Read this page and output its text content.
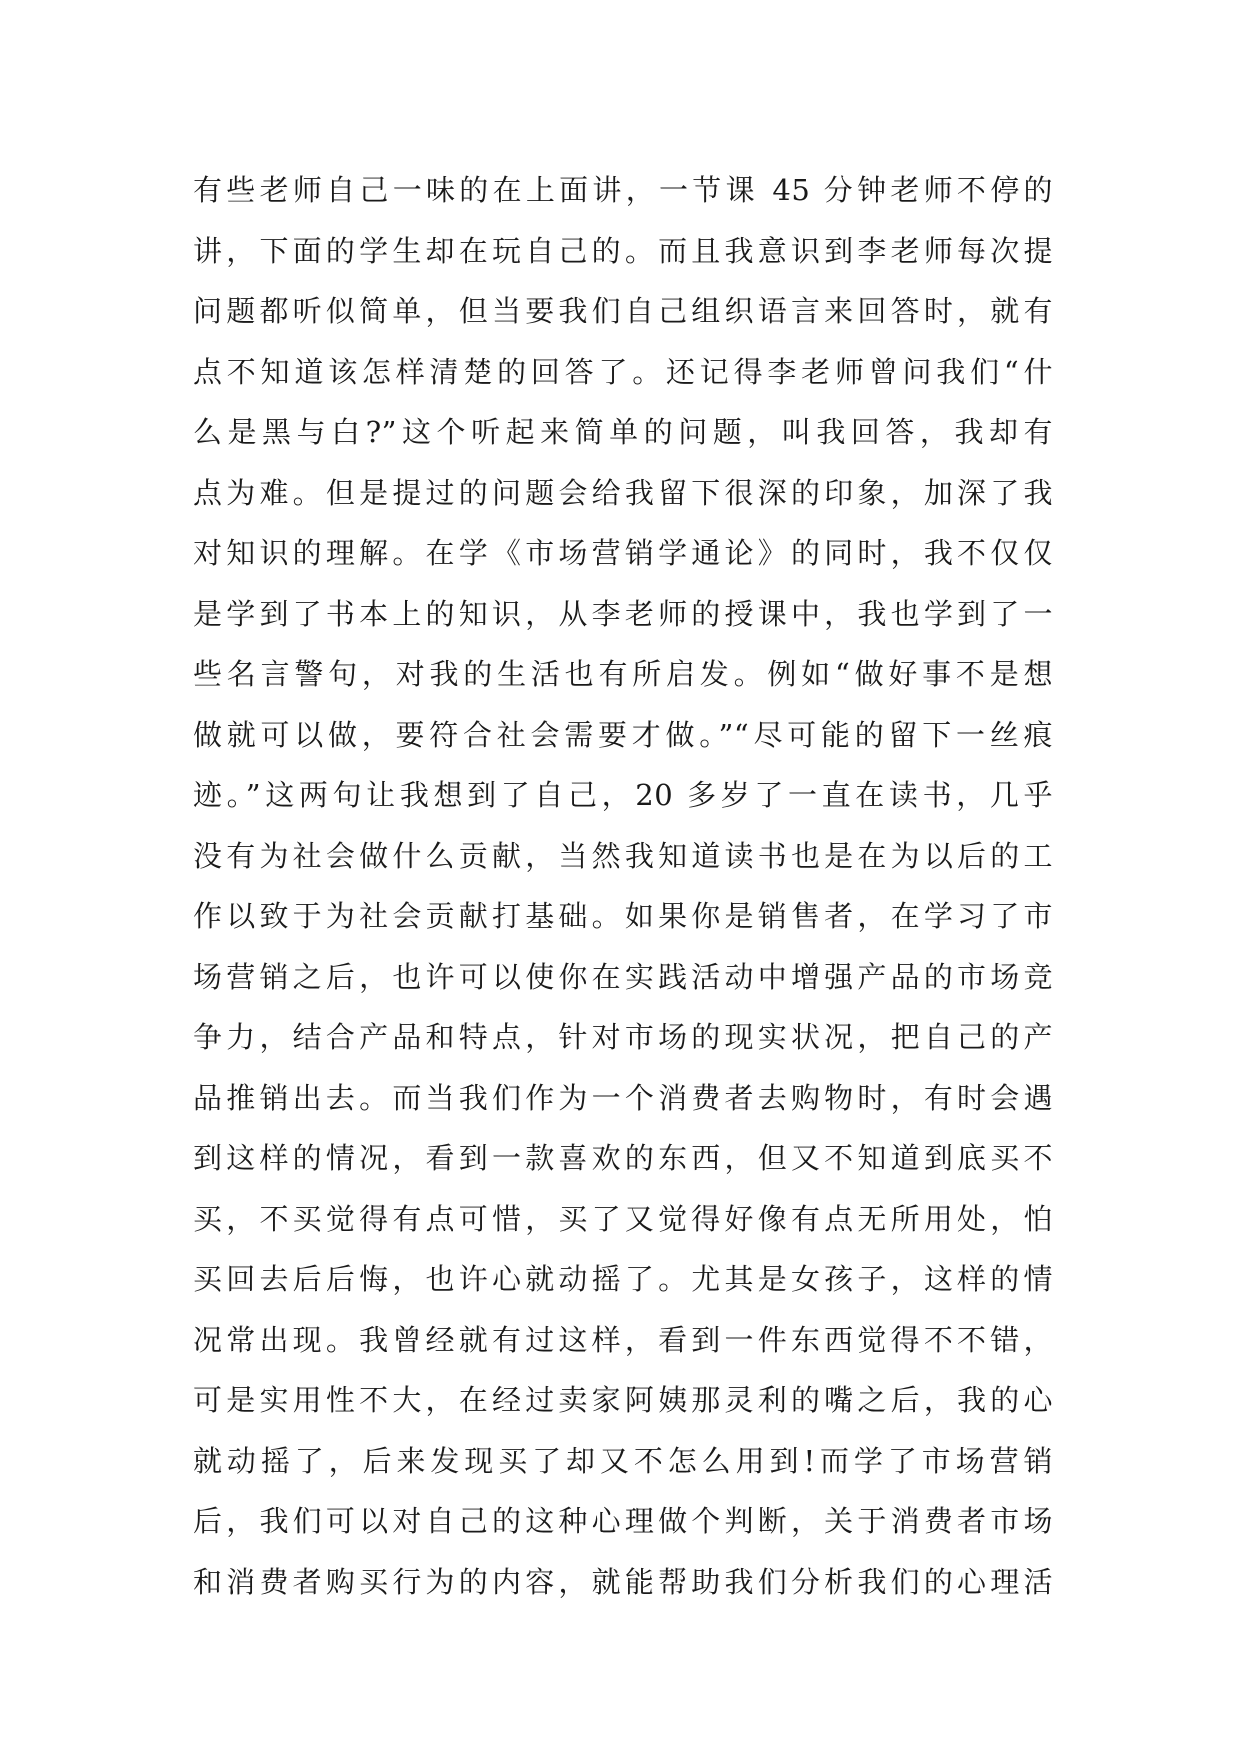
有些老师自己一味的在上面讲，一节课 45 分钟老师不停的
讲，下面的学生却在玩自己的。而且我意识到李老师每次提
问题都听似简单，但当要我们自己组织语言来回答时，就有
点不知道该怎样清楚的回答了。还记得李老师曾问我们“什
么是黑与白?”这个听起来简单的问题，叫我回答，我却有
点为难。但是提过的问题会给我留下很深的印象，加深了我
对知识的理解。在学《市场营销学通论》的同时，我不仅仅
是学到了书本上的知识，从李老师的授课中，我也学到了一
些名言警句，对我的生活也有所启发。例如“做好事不是想
做就可以做，要符合社会需要才做。”“尽可能的留下一丝痕
迹。”这两句让我想到了自己，20 多岁了一直在读书，几乎
没有为社会做什么贡献，当然我知道读书也是在为以后的工
作以致于为社会贡献打基础。如果你是销售者，在学习了市
场营销之后，也许可以使你在实践活动中增强产品的市场竞
争力，结合产品和特点，针对市场的现实状况，把自己的产
品推销出去。而当我们作为一个消费者去购物时，有时会遇
到这样的情况，看到一款喜欢的东西，但又不知道到底买不
买，不买觉得有点可惜，买了又觉得好像有点无所用处，怕
买回去后后悔，也许心就动摇了。尤其是女孩子，这样的情
况常出现。我曾经就有过这样，看到一件东西觉得不不错，
可是实用性不大，在经过卖家阿姨那灵利的嘴之后，我的心
就动摇了，后来发现买了却又不怎么用到!而学了市场营销
后，我们可以对自己的这种心理做个判断，关于消费者市场
和消费者购买行为的内容，就能帮助我们分析我们的心理活
